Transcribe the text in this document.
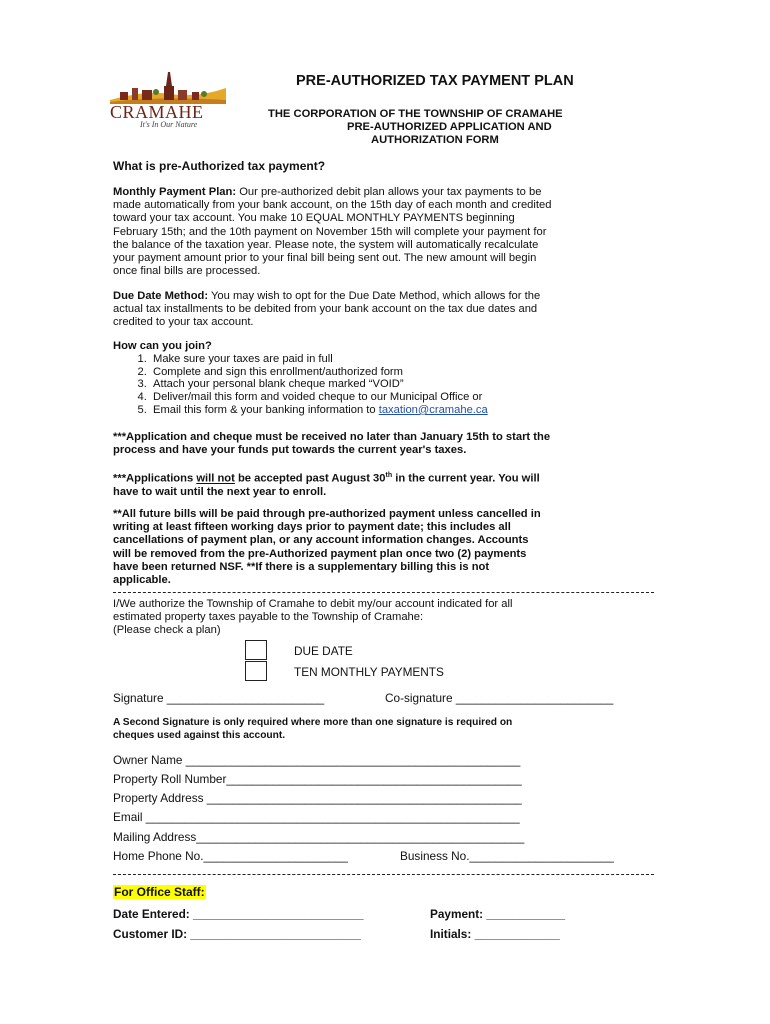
CRAMAHE
It's In Our Nature
PRE-AUTHORIZED TAX PAYMENT PLAN
THE CORPORATION OF THE TOWNSHIP OF CRAMAHE
PRE-AUTHORIZED APPLICATION AND
AUTHORIZATION FORM
What is pre-Authorized tax payment?
Monthly Payment Plan: Our pre-authorized debit plan allows your tax payments to be
made automatically from your bank account, on the 15th day of each month and credited
toward your tax account. You make 10 EQUAL MONTHLY PAYMENTS beginning
February 15th; and the 10th payment on November 15th will complete your payment for
the balance of the taxation year. Please note, the system will automatically recalculate
your payment amount prior to your final bill being sent out. The new amount will begin
once final bills are processed.
Due Date Method: You may wish to opt for the Due Date Method, which allows for the
actual tax installments to be debited from your bank account on the tax due dates and
credited to your tax account.
How can you join?
1. Make sure your taxes are paid in full
2. Complete and sign this enrollment/authorized form
3. Attach your personal blank cheque marked “VOID”
4. Deliver/mail this form and voided cheque to our Municipal Office or
5. Email this form & your banking information to taxation@cramahe.ca
***Application and cheque must be received no later than January 15th to start the
process and have your funds put towards the current year's taxes.
***Applications will not be accepted past August 30th in the current year. You will
have to wait until the next year to enroll.
**All future bills will be paid through pre-authorized payment unless cancelled in
writing at least fifteen working days prior to payment date; this includes all
cancellations of payment plan, or any account information changes. Accounts
will be removed from the pre-Authorized payment plan once two (2) payments
have been returned NSF. **If there is a supplementary billing this is not
applicable.
I/We authorize the Township of Cramahe to debit my/our account indicated for all
estimated property taxes payable to the Township of Cramahe:
(Please check a plan)
DUE DATE
TEN MONTHLY PAYMENTS
Signature ________________________	Co-signature ________________________
A Second Signature is only required where more than one signature is required on
cheques used against this account.
Owner Name ___________________________________________________
Property Roll Number_____________________________________________
Property Address ________________________________________________
Email _________________________________________________________
Mailing Address__________________________________________________
Home Phone No.______________________	Business No.______________________
For Office Staff:
Date Entered: __________________________	Payment: ____________
Customer ID: __________________________	Initials: _____________
